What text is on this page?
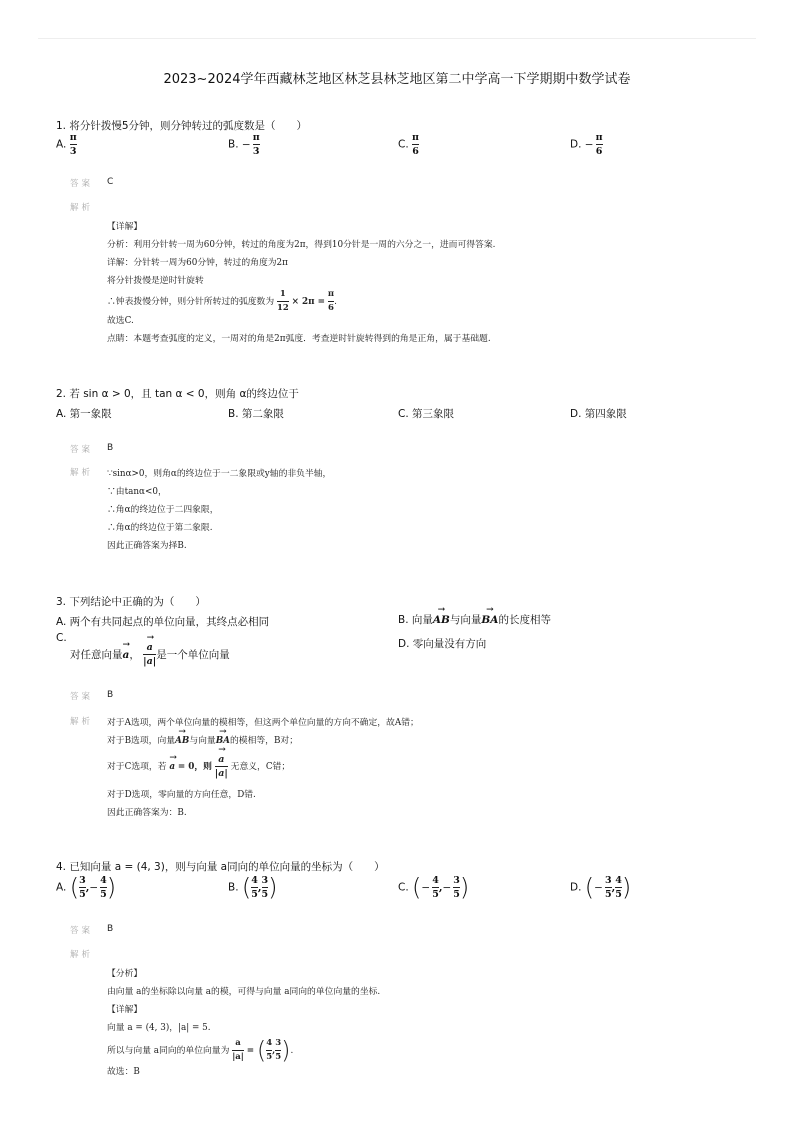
2023~2024学年西藏林芝地区林芝县林芝地区第二中学高一下学期期中数学试卷
1. 将分针拨慢5分钟，则分钟转过的弧度数是（　　）
A. $\frac{\pi}{3}$	B. − $\frac{\pi}{3}$	C. $\frac{\pi}{6}$	D. − $\frac{\pi}{6}$
答案 C
解析
【详解】
分析：利用分针转一周为60分钟，转过的角度为2π，得到10分针是一周的六分之一，进而可得答案.
详解：分针转一周为60分钟，转过的角度为2π
将分针拨慢是逆时针旋转
∴钟表拨慢分钟，则分针所转过的弧度数为 $\frac{1}{12} \times 2\pi = \frac{\pi}{6}$ .
故选C.
点睛：本题考查弧度的定义，一周对的角是2π弧度．考查逆时针旋转得到的角是正角，属于基础题.
2. 若 sin α > 0，且 tan α < 0，则角 α的终边位于
A. 第一象限	B. 第二象限	C. 第三象限	D. 第四象限
答案 B
解析 ∵sinα>0，则角α的终边位于一二象限或y轴的非负半轴，
∵由tanα<0，
∴角α的终边位于二四象限，
∴角α的终边位于第二象限.
因此正确答案为择B.
3. 下列结论中正确的为（　　）
A. 两个有共同起点的单位向量，其终点必相同	B. 向量→ AB与向量→ BA的长度相等
C. 对任意向量→ a， → $\frac{a}{|a|}$ 是一个单位向量
D. 零向量没有方向
答案 B
解析 对于A选项，两个单位向量的模相等，但这两个单位向量的方向不确定，故A错；
对于B选项，向量→ AB与向量→ BA的模相等，B对；
对于C选项，若 → a = 0，则 → $\frac{a}{|a|}$ 无意义，C错；
对于D选项，零向量的方向任意，D错.
因此正确答案为：B.
4. 已知向量 a = (4, 3)，则与向量 a同向的单位向量的坐标为（　　）
A. ( $\frac{3}{5}$ ,− $\frac{4}{5}$ )	B. ( $\frac{4}{5}$ , $\frac{3}{5}$ )	C. (− $\frac{4}{5}$ ,− $\frac{3}{5}$ )	D. (− $\frac{3}{5}$ , $\frac{4}{5}$ )
答案 B
解析
【分析】
由向量 a的坐标除以向量 a的模，可得与向量 a同向的单位向量的坐标.
【详解】
向量 a = (4, 3)，|a| = 5.
所以与向量 a同向的单位向量为 $\frac{a}{|a|}$ = ( $\frac{4}{5}$ , $\frac{3}{5}$ ).
故选：B
